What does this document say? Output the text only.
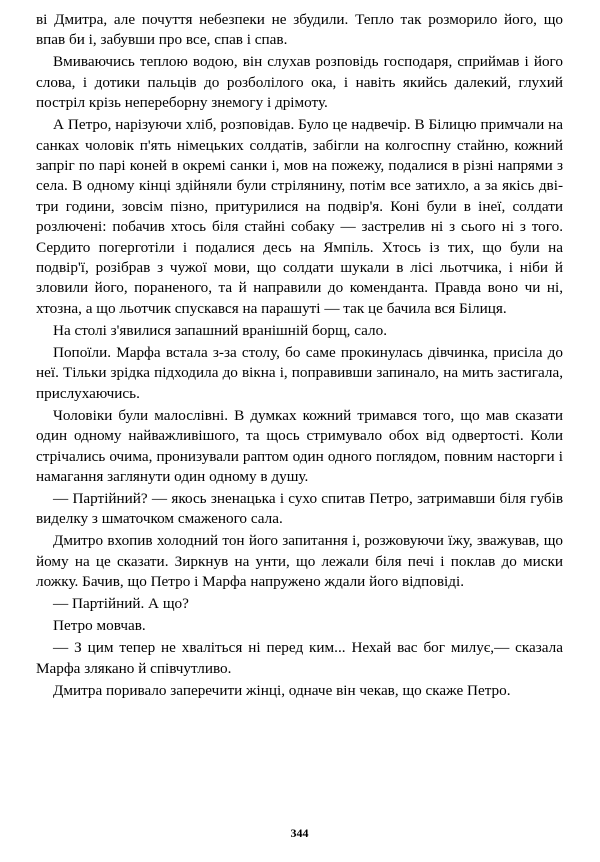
ві Дмитра, але почуття небезпеки не збудили. Тепло так розморило його, що впав би і, забувши про все, спав і спав.

Вмиваючись теплою водою, він слухав розповідь господаря, сприймав і його слова, і дотики пальців до розболілого ока, і навіть якийсь далекий, глухий постріл крізь непереборну знемогу і дрімоту.

А Петро, нарізуючи хліб, розповідав. Було це надвечір. В Білицю примчали на санках чоловік п'ять німецьких солдатів, забігли на колгоспну стайню, кожний запріг по парі коней в окремі санки і, мов на пожежу, подалися в різні напрями з села. В одному кінці здійняли були стрілянину, потім все затихло, а за якісь дві-три години, зовсім пізно, притурилися на подвір'я. Коні були в інеї, солдати розлючені: побачив хтось біля стайні собаку — застрелив ні з сього ні з того. Сердито погерготіли і подалися десь на Ямпіль. Хтось із тих, що були на подвір'ї, розібрав з чужої мови, що солдати шукали в лісі льотчика, і ніби й зловили його, пораненого, та й направили до коменданта. Правда воно чи ні, хтозна, а що льотчик спускався на парашуті — так це бачила вся Білиця.

На столі з'явилися запашний вранішній борщ, сало.

Попоїли. Марфа встала з-за столу, бо саме прокинулась дівчинка, присіла до неї. Тільки зрідка підходила до вікна і, поправивши запинало, на мить застигала, прислухаючись.

Чоловіки були малослівні. В думках кожний тримався того, що мав сказати один одному найважливішого, та щось стримувало обох від одвертості. Коли стрічались очима, пронизували раптом один одного поглядом, повним насторги і намагання заглянути один одному в душу.

— Партійний? — якось зненацька і сухо спитав Петро, затримавши біля губів виделку з шматочком смаженого сала.

Дмитро вхопив холодний тон його запитання і, розжовуючи їжу, зважував, що йому на це сказати. Зиркнув на унти, що лежали біля печі і поклав до миски ложку. Бачив, що Петро і Марфа напружено ждали його відповіді.

— Партійний. А що?

Петро мовчав.

— З цим тепер не хваліться ні перед ким... Нехай вас бог милує,— сказала Марфа злякано й співчутливо.

Дмитра поривало заперечити жінці, одначе він чекав, що скаже Петро.

344
